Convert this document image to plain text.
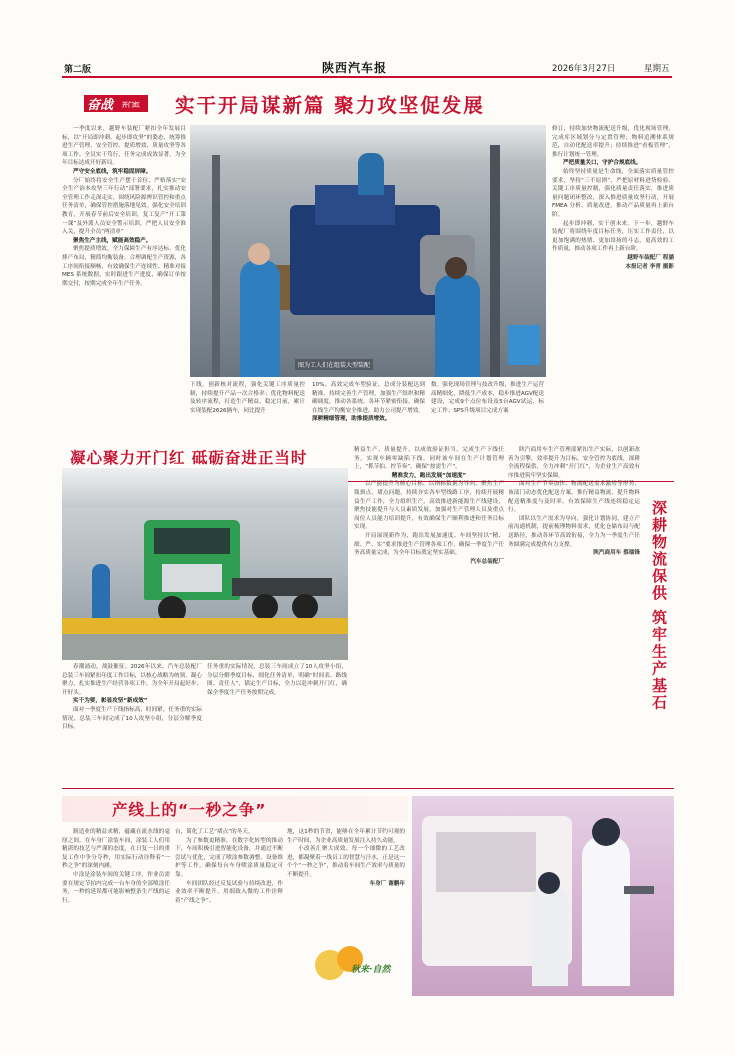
第二版	陕西汽车报	2026年3月27日	星期五
奋战 开门红 实干开局谋新篇 聚力攻坚促发展

一季度以来，越野车装配厂紧扣全年发展目标，以“开局即冲刺、起步即攻坚”的姿态，统筹推进生产管理、安全管控、提质增效、质量攻坚等各项工作。全员实干笃行，任务完成成效显著，为全年目标达成开好新局。

严守安全底线，筑牢稳固屏障。

分厂始终将安全生产摆于首位，严格落实“安全生产治本攻坚三年行动”部署要求，扎实推动安全管理工作走深走实。围绕风险源辨识管控和重点任务清单，确保管控措施落地见效。强化安全培训教育，开展春节前后安全培训，复工复产“开工第一课”及外派人员安全警示培训，严把人员安全准入关，提升全员“两清单”

聚焦生产主线，赋能高效稳产。

聚焦提质增效，全力保障生产有序达标。优化排产布局，精简均衡装备，合理调配生产资源，各工序间衔接顺畅，有效确保生产连续性、精准对接 MES 系统数据，实时跟进生产进度，确保订单按期交付，按期完成全年生产任务。

图为工人们在组装大型装配

下线，创新核对流程，强化关键工序质量控制，持续提升产品一次合格率；优化物料配送及转序流程，打造生产精益、稳定目前，累计实现装配2626辆车，同比提升

10%。高效完成车型验证，总成分装配达到精准，持续完善生产管理，加强生产组织和精确调度，推动各系统、各环节紧密衔接，确保在线生产均衡安全推进，助力公司提产增效。

深耕精细管理，助推提质增效。

数。强化现场管理与技改升级，推进生产运营高精细化，降低生产成本，稳步推进AGV配送建设，完成9个点位布设及5台AGV试运，标定工作；SPS升级项目完成方案

修订，持续加快物流配送升级，优化现场管理，完成库区域划分与定置管理；物料追溯体系规范，自动化配送率提升；持续推进“看板管理”，推行计划统一管理。

严把质量关口，守护合规底线。

始终坚持质量是生命线，全面落实质量管控要求，坚持“三不原则”，严把原材料进货检验、关键工序质量控制，强化质量责任落实，推进质量问题闭环整改，深入推进质量攻坚行动，开展 FMEA 分析、质量改进，推动产品质量再上新台阶。

起步即冲刺，实干创未来。下一步，越野车装配厂将围绕年度目标任务，压实工作责任，以更加饱满的热情、更加昂扬的斗志、更高效的工作质量，推动各项工作再上新台阶。

越野车装配厂 程涵

本报记者 李青 摄影

凝心聚力开门红 砥砺奋进正当时

春潮涌动，战鼓催征。2026年以来，汽车总装配厂总装三车间紧扣年度工作目标，以核心战略为统领，凝心聚力，扎实推进生产经营各项工作，为全年开局起好步、开好头。

实干为要，彰显攻坚“新成效”

面对一季度生产下线指标高，时间紧、任务重的实际情况，总装三车间完成了10人攻坚小组，分层分解季度目标。

任务重的实际情况，总装三车间成立了10人攻坚小组，分层分解季度目标，细化任务清单，明确“时间表、路线图、责任人”，锚定生产目标，全力以赴冲刺开门红，确保全季度生产任务按期完成。

精益生产、质量提升，以成效验证担当，完成生产下线任务，实现车辆零缺陷下线。同时该车间在生产计划管理上，“抓节拍、控节奏”，确保“按需生产”。

精准发力，跑出发展“加速度”

以产能提升为核心目标，以指标数据为导向，聚焦生产瓶颈点、堵点问题，持续夯实各车型线路工序，持续开展精益生产工作，全力组织生产，高效推进新能源生产线建设，聚焦技能提升与人员素质发展，加强对生产管理人员及重点岗位人员能力培训提升，有效确保生产顺利推进和任务目标实现。

开局展现新作为，跑出发展加速度。车间坚持以“精、细、严、实”要求推进生产管理各项工作，确保一季度生产任务高质量完成，为全年目标奠定坚实基础。

汽车总装配厂

陕汽商用车生产管理部紧扣生产实际，以创新改善为引擎，效率提升为目标，安全管控为底线，深耕全流程保供，全力冲刺“开门红”，为企业生产高效有序推进筑牢坚实保障。

面对生产节奏加快、物流配送需求激增等形势，该部门动态优化配送方案，推行精益物流，提升物料配送精准度与及时率，有效保障生产线连续稳定运行。

团队以生产需求为导向，强化计划协同，建立产前沟通机制，提前梳理物料需求，优化仓储布局与配送路径，推动各环节高效衔接，全力为一季度生产任务圆满完成提供有力支撑。

陕汽商用车 蔡瑞锋 深耕物流保供 筑牢生产基石
产线上的“一秒之争”

制造业的精益求精，蕴藏在流水线的毫厘之间。在车身厂涂装车间，涂装工人们用精湛的技艺与严谨的态度，在日复一日的重复工作中争分夺秒，用实际行动诠释着“一秒之争”的深刻内涵。

中涂是涂装车间的关键工序，作业员需要在规定节拍内完成一台车身的全部喷涂任务，一秒的延误都可能影响整条生产线的运行。

台，简化了工艺“堵点”的冬天。

为了参数更精准，在数字化转型的推动下，车间积极引进智能化设备，并通过不断尝试与优化，完成了喷涂参数调整、设备维护等工作，确保每台车身喷涂质量稳定可靠。

车间团队经过反复试验与持续改进，作业效率不断提升，用细致入微的工作诠释着“产线之争”。

地，这1秒的节省，能够在全年累计节约可观的生产时间，为企业高质量发展注入持久动能。

小改善汇聚大成效。每一个细微的工艺改进，都凝聚着一线员工的智慧与汗水，正是这一个个“一秒之争”，推动着车间生产效率与质量的不断提升。

车身厂 谢鹏年

秋来·自然
